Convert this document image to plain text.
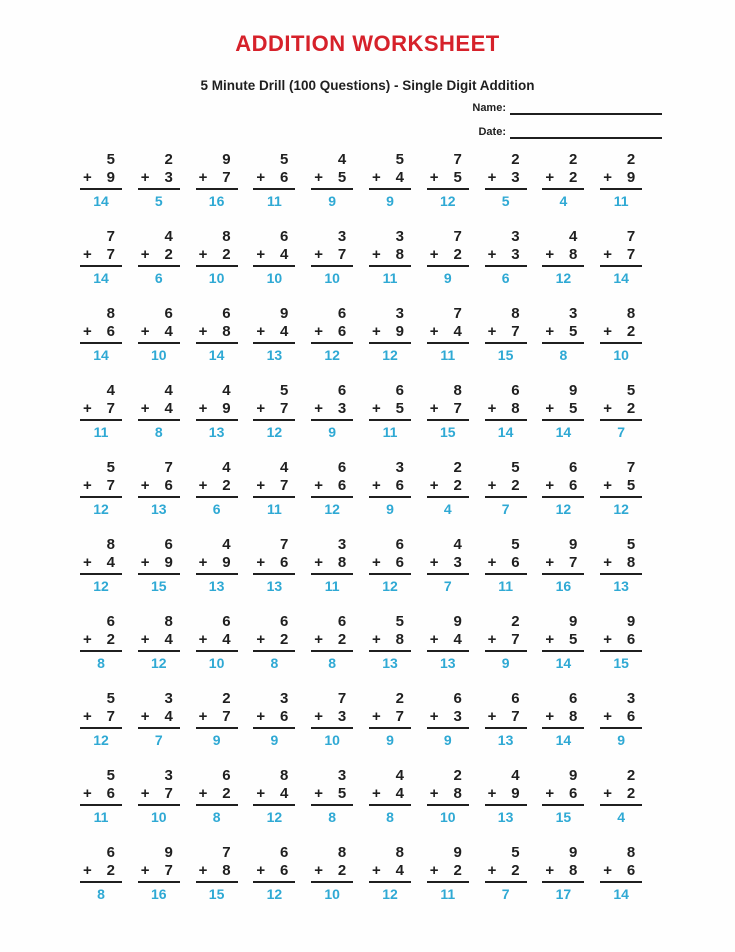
ADDITION WORKSHEET
5 Minute Drill (100 Questions) - Single Digit Addition
Name:
Date:
5
+ 9
14
2
+ 3
5
9
+ 7
16
5
+ 6
11
4
+ 5
9
5
+ 4
9
7
+ 5
12
2
+ 3
5
2
+ 2
4
2
+ 9
11
7
+ 7
14
4
+ 2
6
8
+ 2
10
6
+ 4
10
3
+ 7
10
3
+ 8
11
7
+ 2
9
3
+ 3
6
4
+ 8
12
7
+ 7
14
8
+ 6
14
6
+ 4
10
6
+ 8
14
9
+ 4
13
6
+ 6
12
3
+ 9
12
7
+ 4
11
8
+ 7
15
3
+ 5
8
8
+ 2
10
4
+ 7
11
4
+ 4
8
4
+ 9
13
5
+ 7
12
6
+ 3
9
6
+ 5
11
8
+ 7
15
6
+ 8
14
9
+ 5
14
5
+ 2
7
5
+ 7
12
7
+ 6
13
4
+ 2
6
4
+ 7
11
6
+ 6
12
3
+ 6
9
2
+ 2
4
5
+ 2
7
6
+ 6
12
7
+ 5
12
8
+ 4
12
6
+ 9
15
4
+ 9
13
7
+ 6
13
3
+ 8
11
6
+ 6
12
4
+ 3
7
5
+ 6
11
9
+ 7
16
5
+ 8
13
6
+ 2
8
8
+ 4
12
6
+ 4
10
6
+ 2
8
6
+ 2
8
5
+ 8
13
9
+ 4
13
2
+ 7
9
9
+ 5
14
9
+ 6
15
5
+ 7
12
3
+ 4
7
2
+ 7
9
3
+ 6
9
7
+ 3
10
2
+ 7
9
6
+ 3
9
6
+ 7
13
6
+ 8
14
3
+ 6
9
5
+ 6
11
3
+ 7
10
6
+ 2
8
8
+ 4
12
3
+ 5
8
4
+ 4
8
2
+ 8
10
4
+ 9
13
9
+ 6
15
2
+ 2
4
6
+ 2
8
9
+ 7
16
7
+ 8
15
6
+ 6
12
8
+ 2
10
8
+ 4
12
9
+ 2
11
5
+ 2
7
9
+ 8
17
8
+ 6
14
